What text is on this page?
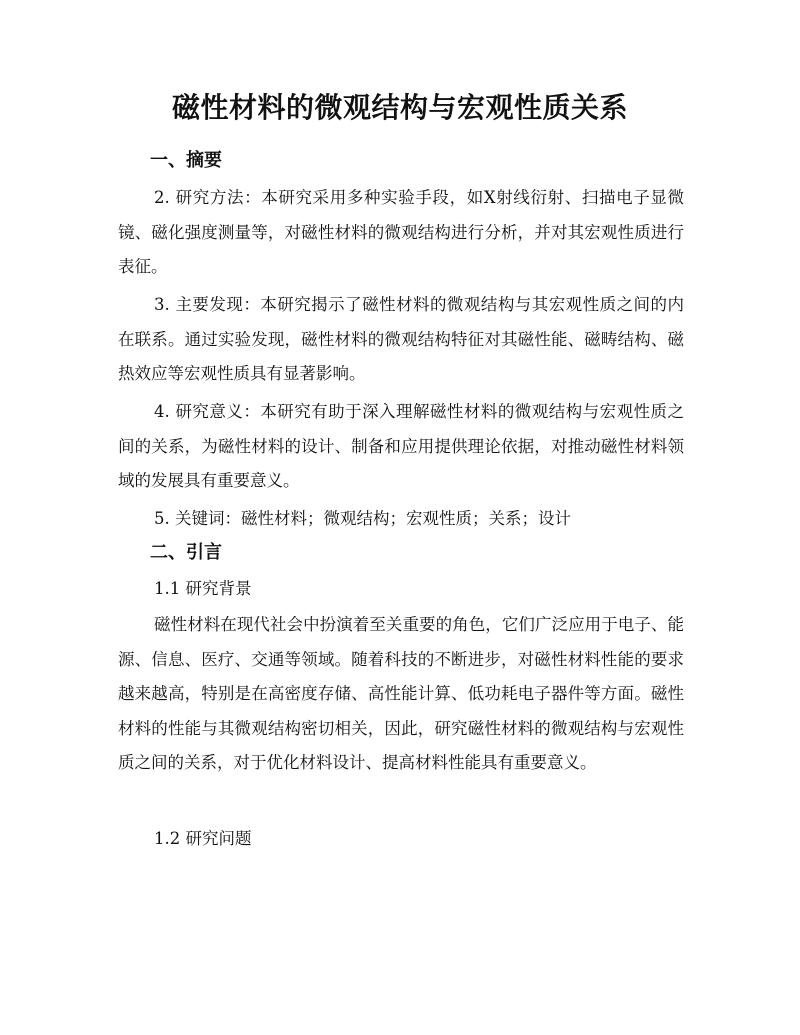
磁性材料的微观结构与宏观性质关系
一、摘要
2. 研究方法：本研究采用多种实验手段，如X射线衍射、扫描电子显微镜、磁化强度测量等，对磁性材料的微观结构进行分析，并对其宏观性质进行表征。
3. 主要发现：本研究揭示了磁性材料的微观结构与其宏观性质之间的内在联系。通过实验发现，磁性材料的微观结构特征对其磁性能、磁畴结构、磁热效应等宏观性质具有显著影响。
4. 研究意义：本研究有助于深入理解磁性材料的微观结构与宏观性质之间的关系，为磁性材料的设计、制备和应用提供理论依据，对推动磁性材料领域的发展具有重要意义。
5. 关键词：磁性材料；微观结构；宏观性质；关系；设计
二、引言
1.1 研究背景
磁性材料在现代社会中扮演着至关重要的角色，它们广泛应用于电子、能源、信息、医疗、交通等领域。随着科技的不断进步，对磁性材料性能的要求越来越高，特别是在高密度存储、高性能计算、低功耗电子器件等方面。磁性材料的性能与其微观结构密切相关，因此，研究磁性材料的微观结构与宏观性质之间的关系，对于优化材料设计、提高材料性能具有重要意义。
1.2 研究问题
